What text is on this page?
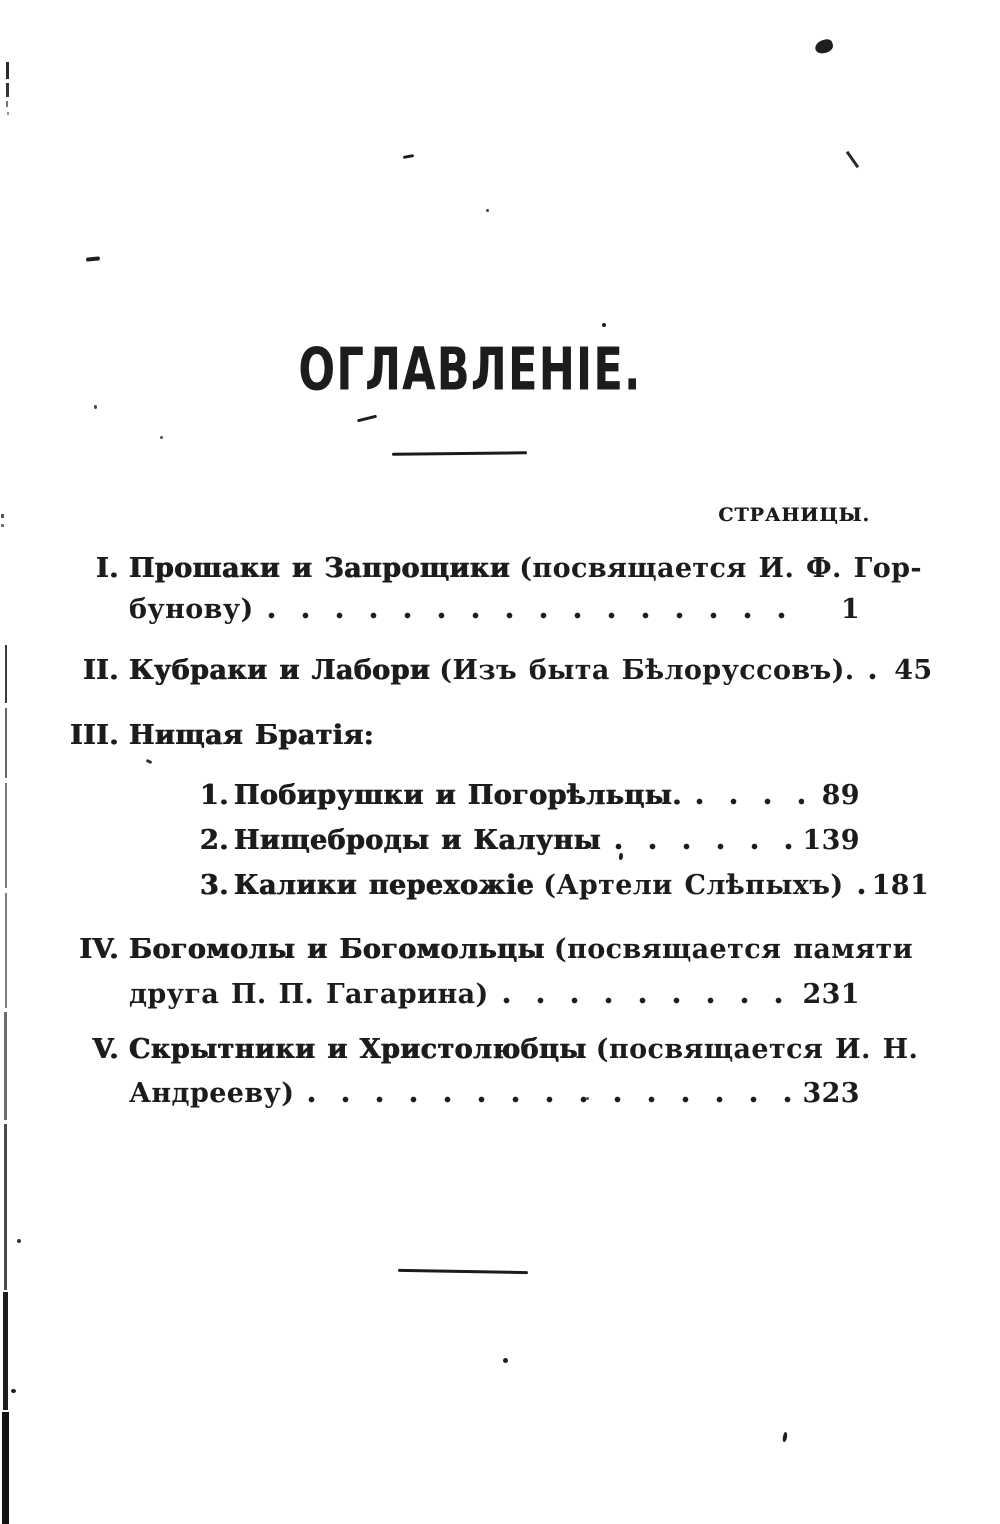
ОГЛАВЛЕНІЕ.
СТРАНИЦЫ.
I. Прошаки и Запрощики (посвящается И. Ф. Гор-
бунову)	1
II. Кубраки и Лабори (Изъ быта Бѣлоруссовъ).	45
III. Нищая Братія:
1. Побирушки и Погорѣльцы.	89
2. Нищеброды и Калуны	139
3. Калики перехожіе (Артели Слѣпыхъ) 181
IV. Богомолы и Богомольцы (посвящается памяти
друга П. П. Гагарина)	231
V. Скрытники и Христолюбцы (посвящается И. Н.
Андрееву)	323
